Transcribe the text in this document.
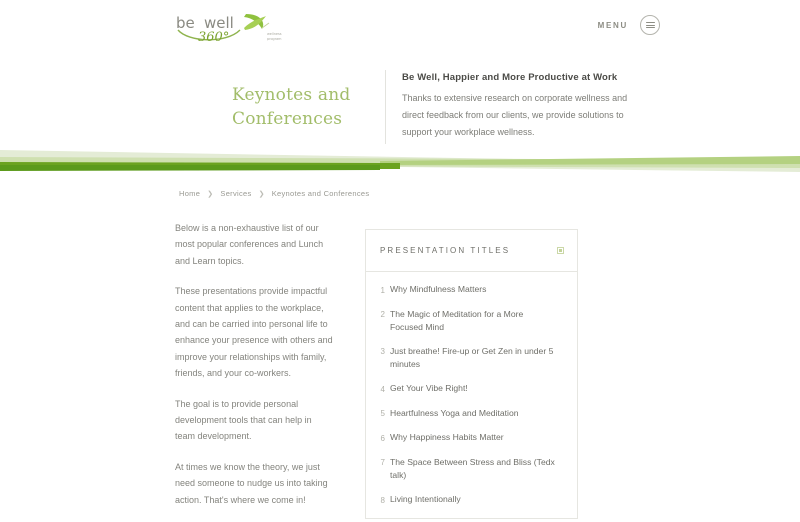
be well
360°	wellness
program
MENU
Keynotes and Conferences
Be Well, Happier and More Productive at Work

Thanks to extensive research on corporate wellness and direct feedback from our clients, we provide solutions to support your workplace wellness.

Home ❯ Services ❯ Keynotes and Conferences

Below is a non-exhaustive list of our most popular conferences and Lunch and Learn topics.

These presentations provide impactful content that applies to the workplace, and can be carried into personal life to enhance your presence with others and improve your relationships with family, friends, and your co-workers.

The goal is to provide personal development tools that can help in team development.

At times we know the theory, we just need someone to nudge us into taking action. That's where we come in!

PRESENTATION TITLES
1 Why Mindfulness Matters
2 The Magic of Meditation for a More Focused Mind
3 Just breathe! Fire-up or Get Zen in under 5 minutes
4 Get Your Vibe Right!
5 Heartfulness Yoga and Meditation
6 Why Happiness Habits Matter
7 The Space Between Stress and Bliss (Tedx talk)
8 Living Intentionally
